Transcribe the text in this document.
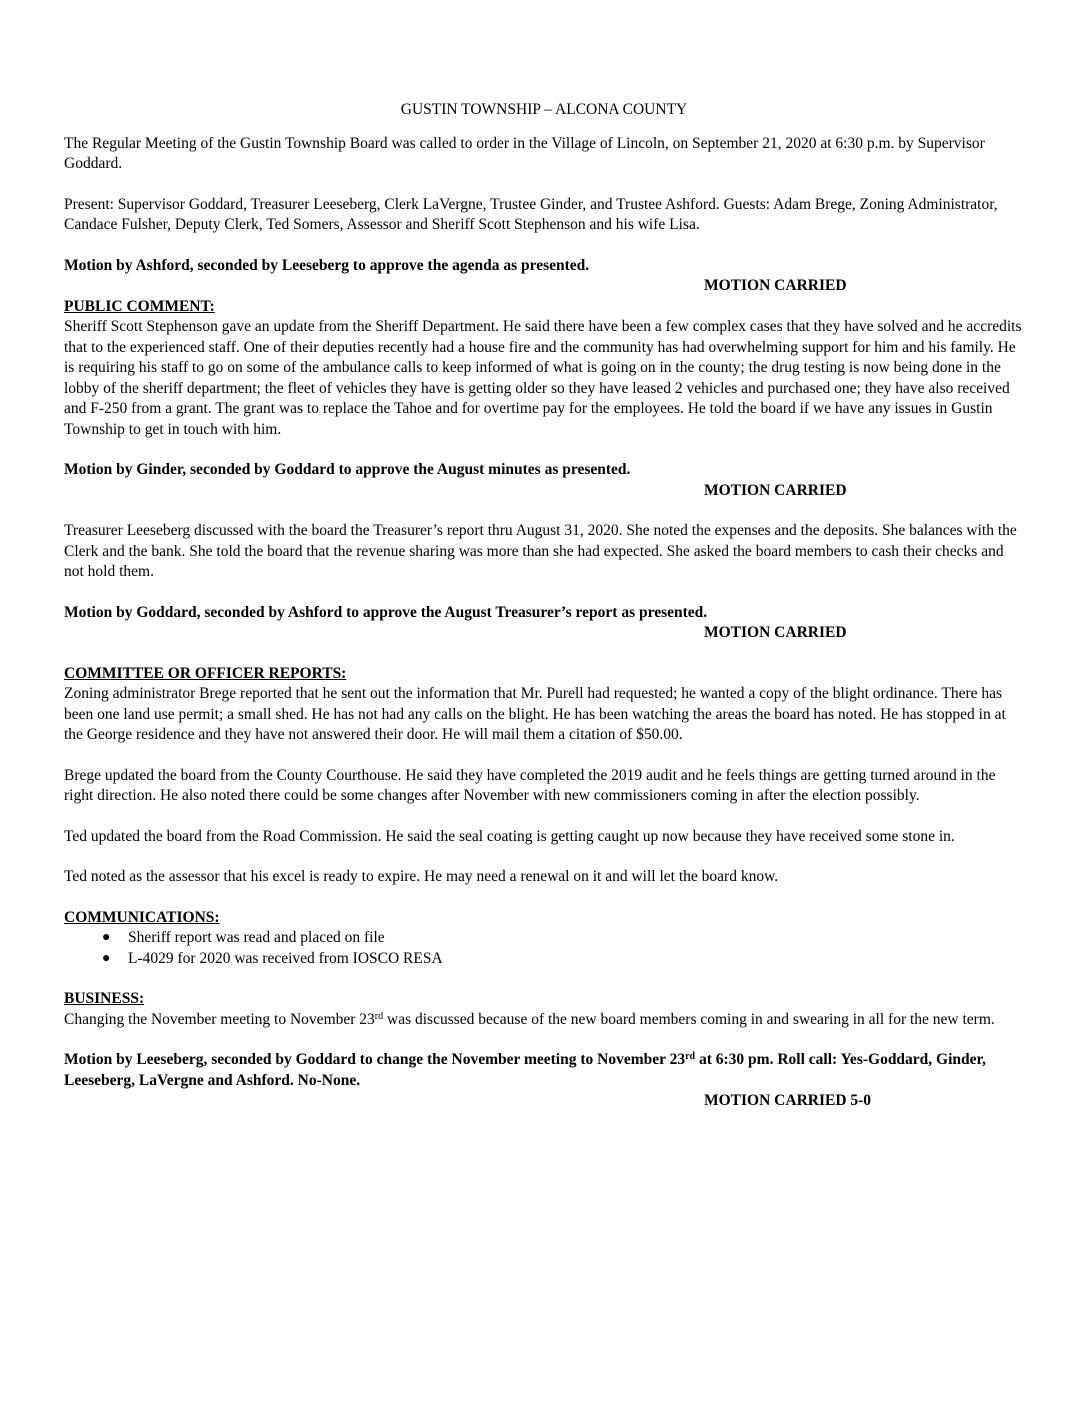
GUSTIN TOWNSHIP – ALCONA COUNTY

The Regular Meeting of the Gustin Township Board was called to order in the Village of Lincoln, on September 21, 2020 at 6:30 p.m. by Supervisor Goddard.

Present: Supervisor Goddard, Treasurer Leeseberg, Clerk LaVergne, Trustee Ginder, and Trustee Ashford. Guests: Adam Brege, Zoning Administrator, Candace Fulsher, Deputy Clerk, Ted Somers, Assessor and Sheriff Scott Stephenson and his wife Lisa.

Motion by Ashford, seconded by Leeseberg to approve the agenda as presented.
MOTION CARRIED
PUBLIC COMMENT:

Sheriff Scott Stephenson gave an update from the Sheriff Department. He said there have been a few complex cases that they have solved and he accredits that to the experienced staff. One of their deputies recently had a house fire and the community has had overwhelming support for him and his family. He is requiring his staff to go on some of the ambulance calls to keep informed of what is going on in the county; the drug testing is now being done in the lobby of the sheriff department; the fleet of vehicles they have is getting older so they have leased 2 vehicles and purchased one; they have also received and F-250 from a grant. The grant was to replace the Tahoe and for overtime pay for the employees. He told the board if we have any issues in Gustin Township to get in touch with him.

Motion by Ginder, seconded by Goddard to approve the August minutes as presented.
MOTION CARRIED

Treasurer Leeseberg discussed with the board the Treasurer’s report thru August 31, 2020. She noted the expenses and the deposits. She balances with the Clerk and the bank. She told the board that the revenue sharing was more than she had expected. She asked the board members to cash their checks and not hold them.

Motion by Goddard, seconded by Ashford to approve the August Treasurer’s report as presented.
MOTION CARRIED
COMMITTEE OR OFFICER REPORTS:

Zoning administrator Brege reported that he sent out the information that Mr. Purell had requested; he wanted a copy of the blight ordinance. There has been one land use permit; a small shed. He has not had any calls on the blight. He has been watching the areas the board has noted. He has stopped in at the George residence and they have not answered their door. He will mail them a citation of $50.00.

Brege updated the board from the County Courthouse. He said they have completed the 2019 audit and he feels things are getting turned around in the right direction. He also noted there could be some changes after November with new commissioners coming in after the election possibly.

Ted updated the board from the Road Commission. He said the seal coating is getting caught up now because they have received some stone in.

Ted noted as the assessor that his excel is ready to expire. He may need a renewal on it and will let the board know.

COMMUNICATIONS:
● Sheriff report was read and placed on file
● L-4029 for 2020 was received from IOSCO RESA
BUSINESS:

Changing the November meeting to November 23rd was discussed because of the new board members coming in and swearing in all for the new term.

Motion by Leeseberg, seconded by Goddard to change the November meeting to November 23rd at 6:30 pm. Roll call: Yes-Goddard, Ginder, Leeseberg, LaVergne and Ashford. No-None.
MOTION CARRIED 5-0
